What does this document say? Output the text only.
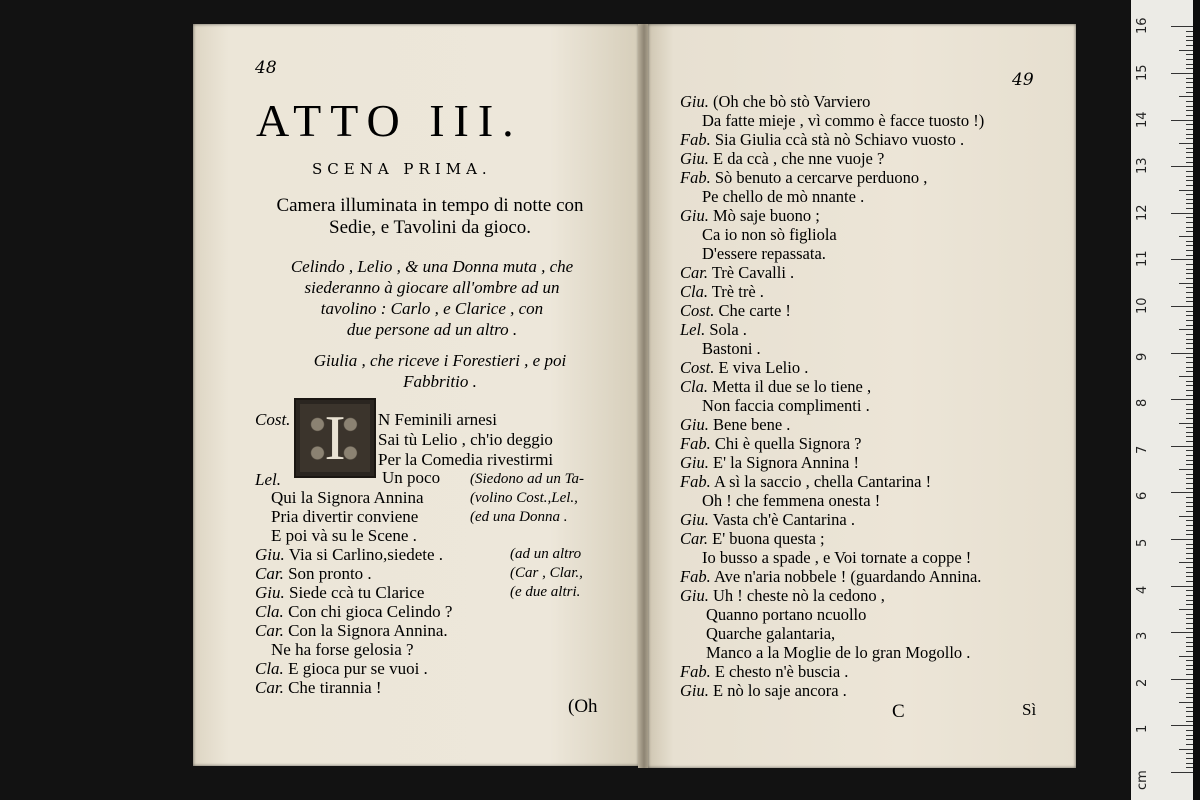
48
ATTO III.
SCENA PRIMA.
Camera illuminata in tempo di notte con
Sedie, e Tavolini da gioco.
Celindo , Lelio , & una Donna muta , che
siederanno à giocare all'ombre ad un
tavolino : Carlo , e Clarice , con
due persone ad un altro .
Giulia , che riceve i Forestieri , e poi
Fabbritio .
I
Cost.	N Feminili arnesi
Sai tù Lelio , ch'io deggio
Per la Comedia rivestirmi
Lel.	Un poco
Qui la Signora Annina
Pria divertir conviene
E poi và su le Scene .
(Siedono ad un Ta-
(volino Cost.,Lel.,
(ed una Donna .
Giu. Via si Carlino,siedete .
Car. Son pronto .
Giu. Siede ccà tu Clarice
(ad un altro
(Car , Clar.,
(e due altri.
Cla. Con chi gioca Celindo ?
Car. Con la Signora Annina.
Ne ha forse gelosia ?
Cla. E gioca pur se vuoi .
Car. Che tirannia !
(Oh
49
Giu. (Oh che bò stò Varviero
Da fatte mieje , vì commo è facce tuosto !)
Fab. Sia Giulia ccà stà nò Schiavo vuosto .
Giu. E da ccà , che nne vuoje ?
Fab. Sò benuto a cercarve perduono ,
Pe chello de mò nnante .
Giu. Mò saje buono ;
Ca io non sò figliola
D'essere repassata.
Car. Trè Cavalli .
Cla. Trè trè .
Cost. Che carte !
Lel. Sola .
Bastoni .
Cost. E viva Lelio .
Cla. Metta il due se lo tiene ,
Non faccia complimenti .
Giu. Bene bene .
Fab. Chi è quella Signora ?
Giu. E' la Signora Annina !
Fab. A sì la saccio , chella Cantarina !
Oh ! che femmena onesta !
Giu. Vasta ch'è Cantarina .
Car. E' buona questa ;
Io busso a spade , e Voi tornate a coppe !
Fab. Ave n'aria nobbele ! (guardando Annina.
Giu. Uh ! cheste nò la cedono ,
Quanno portano ncuollo
Quarche galantaria,
Manco a la Moglie de lo gran Mogollo .
Fab. E chesto n'è buscia .
Giu. E nò lo saje ancora .
C	Sì
cm
1
2
3
4
5
6
7
8
9
10
11
12
13
14
15
16
